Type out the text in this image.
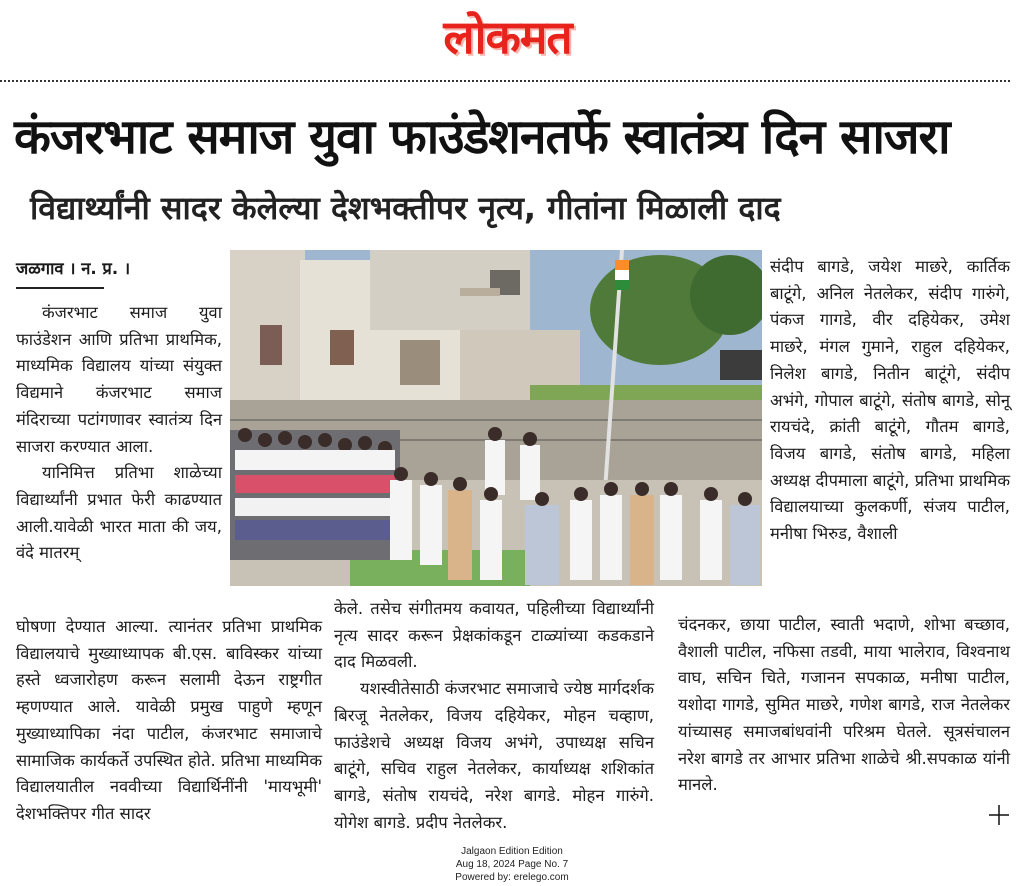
लोकमत
कंजरभाट समाज युवा फाउंडेशनतर्फे स्वातंत्र्य दिन साजरा
विद्यार्थ्यांनी सादर केलेल्या देशभक्तीपर नृत्य, गीतांना मिळाली दाद
जळगाव । न. प्र. ।

कंजरभाट समाज युवा फाउंडेशन आणि प्रतिभा प्राथमिक, माध्यमिक विद्यालय यांच्या संयुक्त विद्यमाने कंजरभाट समाज मंदिराच्या पटांगणावर स्वातंत्र्य दिन साजरा करण्यात आला.

यानिमित्त प्रतिभा शाळेच्या विद्यार्थ्यांनी प्रभात फेरी काढण्यात आली.यावेळी भारत माता की जय, वंदे मातरम्

घोषणा देण्यात आल्या. त्यानंतर प्रतिभा प्राथमिक विद्यालयाचे मुख्याध्यापक बी.एस. बाविस्कर यांच्या हस्ते ध्वजारोहण करून सलामी देऊन राष्ट्रगीत म्हणण्यात आले. यावेळी प्रमुख पाहुणे म्हणून मुख्याध्यापिका नंदा पाटील, कंजरभाट समाजाचे सामाजिक कार्यकर्ते उपस्थित होते. प्रतिभा माध्यमिक विद्यालयातील नववीच्या विद्यार्थिनींनी 'मायभूमी' देशभक्तिपर गीत सादर

केले. तसेच संगीतमय कवायत, पहिलीच्या विद्यार्थ्यांनी नृत्य सादर करून प्रेक्षकांकडून टाळ्यांच्या कडकडाने दाद मिळवली.

यशस्वीतेसाठी कंजरभाट समाजाचे ज्येष्ठ मार्गदर्शक बिरजू नेतलेकर, विजय दहियेकर, मोहन चव्हाण, फाउंडेशचे अध्यक्ष विजय अभंगे, उपाध्यक्ष सचिन बाटूंगे, सचिव राहुल नेतलेकर, कार्याध्यक्ष शशिकांत बागडे, संतोष रायचंदे, नरेश बागडे. मोहन गारुंगे. योगेश बागडे. प्रदीप नेतलेकर.

संदीप बागडे, जयेश माछरे, कार्तिक बाटूंगे, अनिल नेतलेकर, संदीप गारुंगे, पंकज गागडे, वीर दहियेकर, उमेश माछरे, मंगल गुमाने, राहुल दहियेकर, निलेश बागडे, नितीन बाटूंगे, संदीप अभंगे, गोपाल बाटूंगे, संतोष बागडे, सोनू रायचंदे, क्रांती बाटूंगे, गौतम बागडे, विजय बागडे, संतोष बागडे, महिला अध्यक्ष दीपमाला बाटूंगे, प्रतिभा प्राथमिक विद्यालयाच्या कुलकर्णी, संजय पाटील, मनीषा भिरुड, वैशाली

चंदनकर, छाया पाटील, स्वाती भदाणे, शोभा बच्छाव, वैशाली पाटील, नफिसा तडवी, माया भालेराव, विश्वनाथ वाघ, सचिन चिते, गजानन सपकाळ, मनीषा पाटील, यशोदा गागडे, सुमित माछरे, गणेश बागडे, राज नेतलेकर यांच्यासह समाजबांधवांनी परिश्रम घेतले. सूत्रसंचालन नरेश बागडे तर आभार प्रतिभा शाळेचे श्री.सपकाळ यांनी मानले.

Jalgaon Edition Edition
Aug 18, 2024 Page No. 7
Powered by: erelego.com
